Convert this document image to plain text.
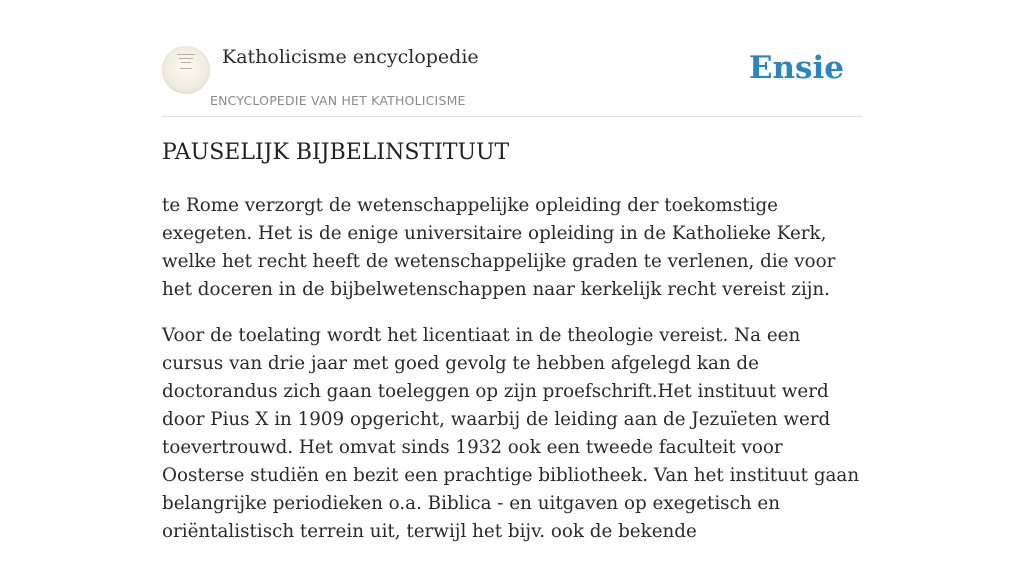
Katholicisme encyclopedie
ENCYCLOPEDIE VAN HET KATHOLICISME
Ensie
PAUSELIJK BIJBELINSTITUUT

te Rome verzorgt de wetenschappelijke opleiding der toekomstige exegeten. Het is de enige universitaire opleiding in de Katholieke Kerk, welke het recht heeft de wetenschappelijke graden te verlenen, die voor het doceren in de bijbelwetenschappen naar kerkelijk recht vereist zijn.

Voor de toelating wordt het licentiaat in de theologie vereist. Na een cursus van drie jaar met goed gevolg te hebben afgelegd kan de doctorandus zich gaan toeleggen op zijn proefschrift.Het instituut werd door Pius X in 1909 opgericht, waarbij de leiding aan de Jezuïeten werd toevertrouwd. Het omvat sinds 1932 ook een tweede faculteit voor Oosterse studiën en bezit een prachtige bibliotheek. Van het instituut gaan belangrijke periodieken o.a. Biblica - en uitgaven op exegetisch en oriëntalistisch terrein uit, terwijl het bijv. ook de bekende
